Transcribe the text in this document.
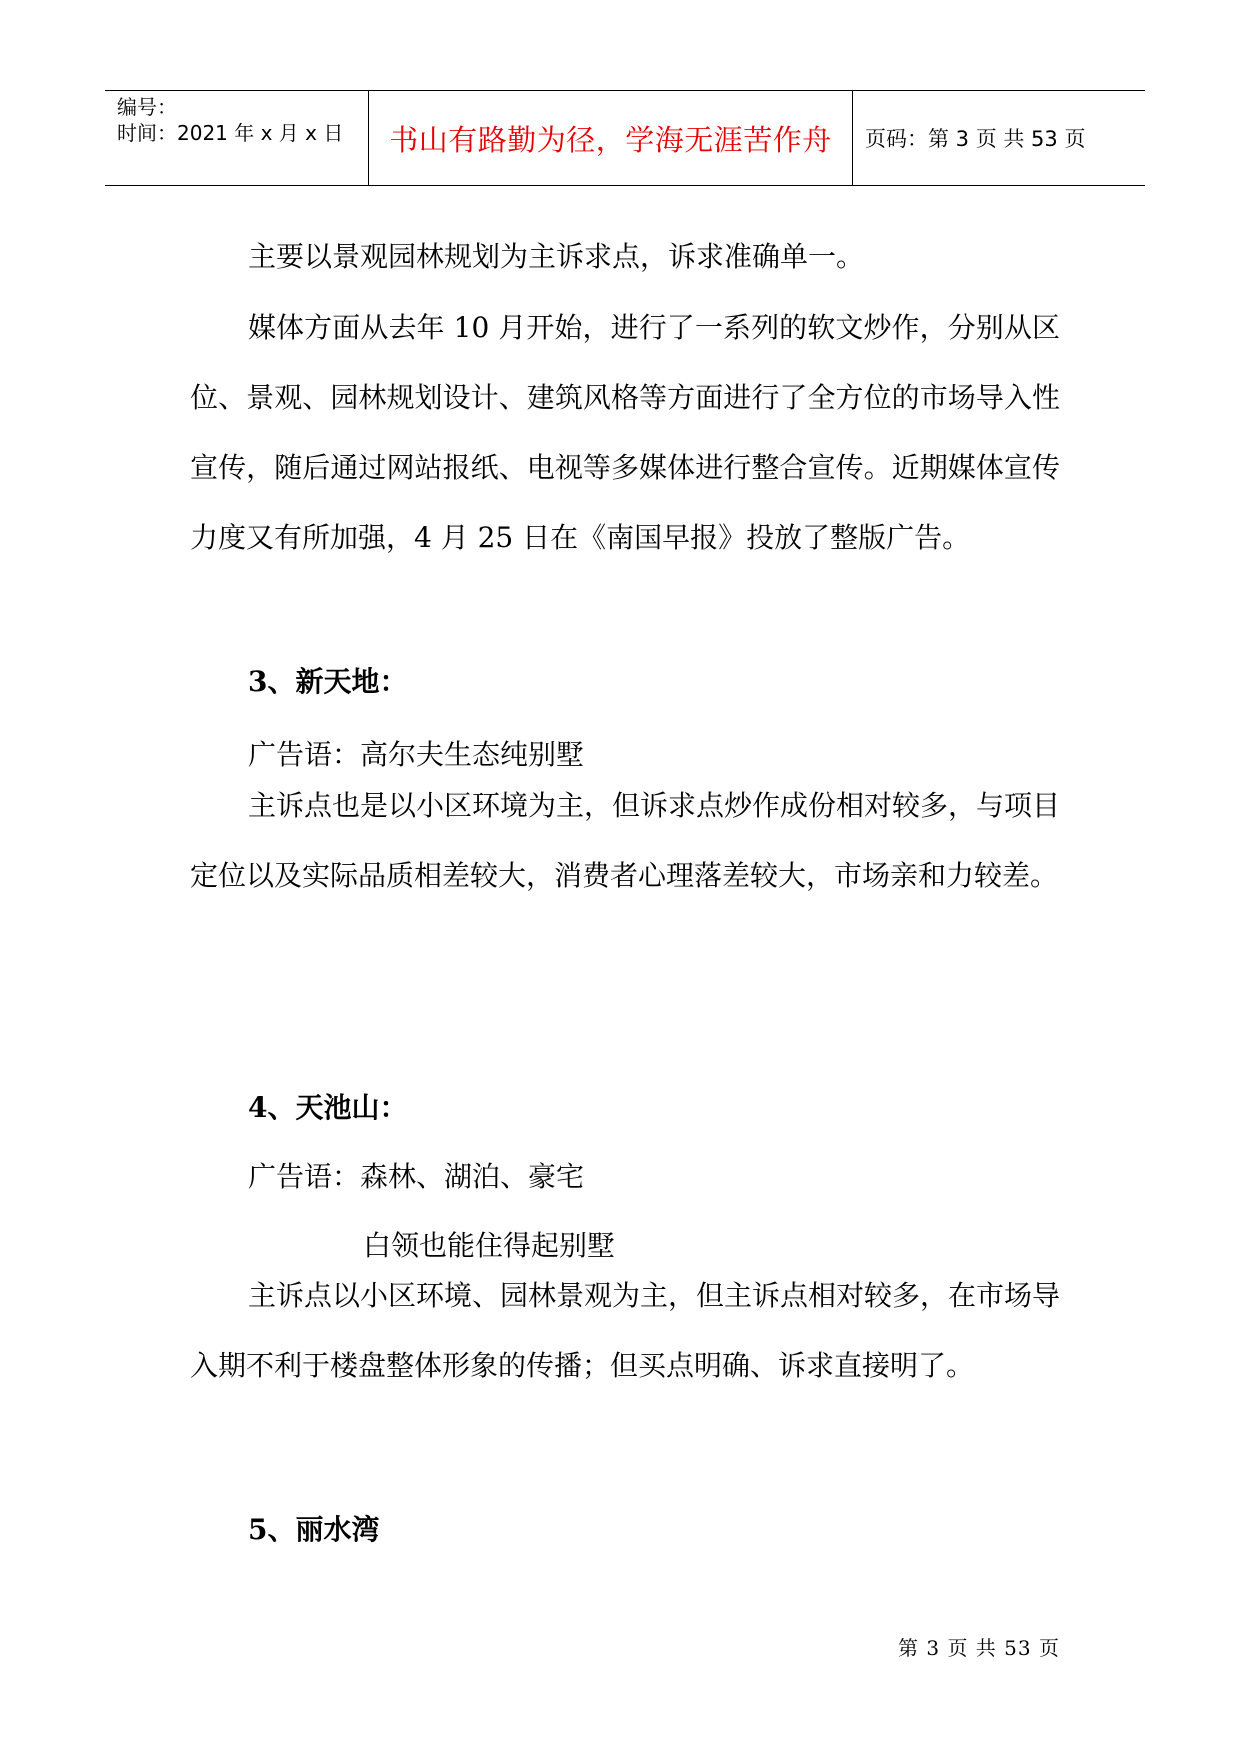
编号：
时间：2021 年 x 月 x 日 书山有路勤为径，学海无涯苦作舟 页码：第 3 页 共 53 页

主要以景观园林规划为主诉求点，诉求准确单一。

媒体方面从去年 10 月开始，进行了一系列的软文炒作，分别从区位、景观、园林规划设计、建筑风格等方面进行了全方位的市场导入性宣传，随后通过网站报纸、电视等多媒体进行整合宣传。近期媒体宣传力度又有所加强，4 月 25 日在《南国早报》投放了整版广告。

3、新天地：

广告语：高尔夫生态纯别墅

主诉点也是以小区环境为主，但诉求点炒作成份相对较多，与项目定位以及实际品质相差较大，消费者心理落差较大，市场亲和力较差。

4、天池山：

广告语：森林、湖泊、豪宅

白领也能住得起别墅

主诉点以小区环境、园林景观为主，但主诉点相对较多，在市场导入期不利于楼盘整体形象的传播；但买点明确、诉求直接明了。

5、丽水湾

第 3 页 共 53 页
